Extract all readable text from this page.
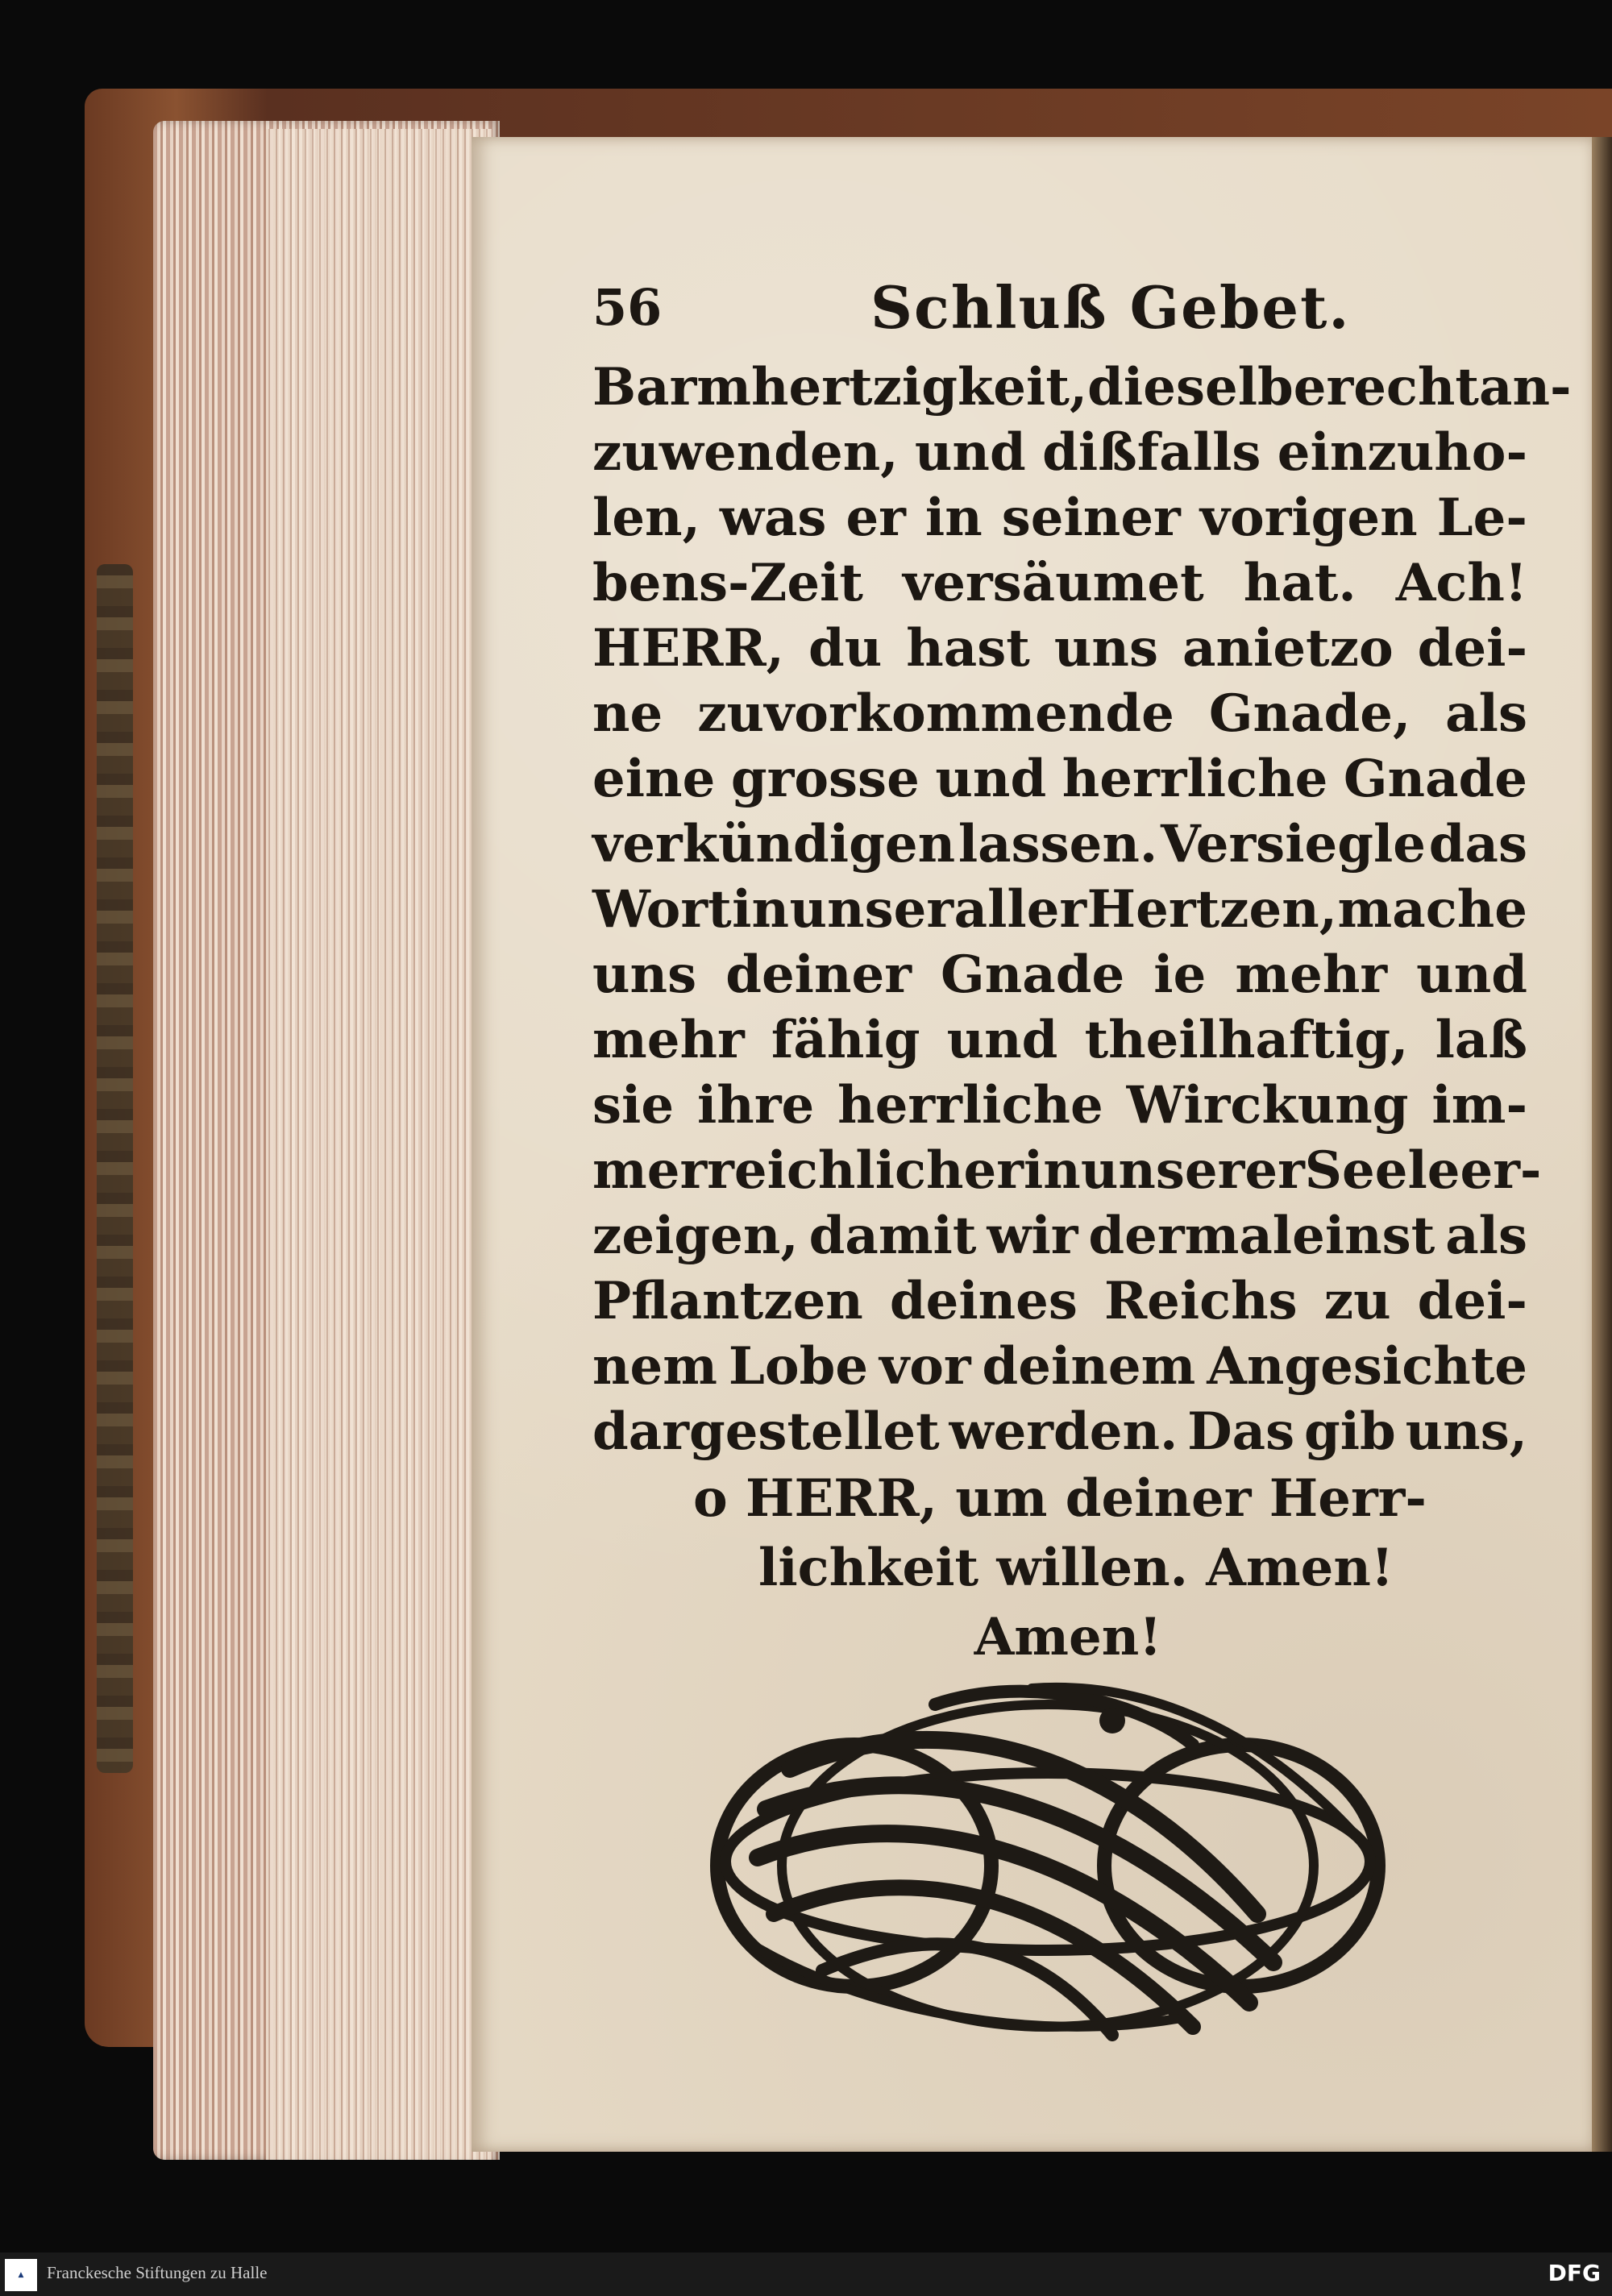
56	Schluß Gebet.
Barmhertzigkeit, dieselbe recht an-
zuwenden, und dißfalls einzuho-
len, was er in seiner vorigen Le-
bens-Zeit versäumet hat. Ach!
HERR, du hast uns anietzo dei-
ne zuvorkommende Gnade, als
eine grosse und herrliche Gnade
verkündigen lassen. Versiegle das
Wort in unser aller Hertzen, mache
uns deiner Gnade ie mehr und
mehr fähig und theilhaftig, laß
sie ihre herrliche Wirckung im-
mer reichlicher in unserer Seele er-
zeigen, damit wir dermaleinst als
Pflantzen deines Reichs zu dei-
nem Lobe vor deinem Angesichte
dargestellet werden. Das gib uns,
o HERR, um deiner Herr-
lichkeit willen. Amen!
Amen!
▲	Franckesche Stiftungen zu Halle	DFG
